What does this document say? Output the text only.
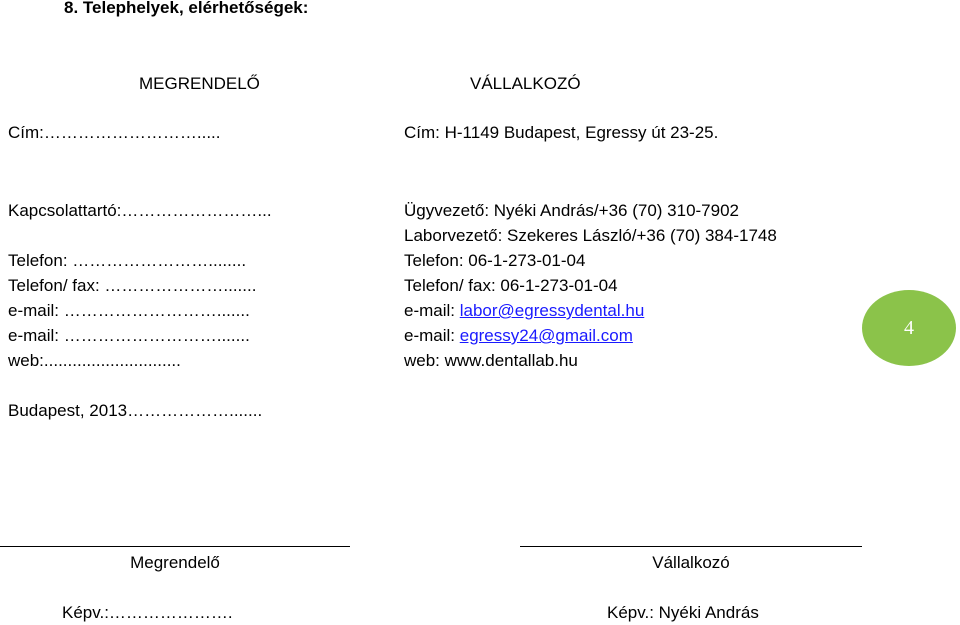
8. Telephelyek, elérhetőségek:
MEGRENDELŐ	VÁLLALKOZÓ
Cím:……………………….....	Cím: H-1149 Budapest, Egressy út 23-25.
Kapcsolattartó:……………………...	Ügyvezető: Nyéki András/+36 (70) 310-7902
Laborvezető: Szekeres László/+36 (70) 384-1748
Telefon: ……………………........	Telefon: 06-1-273-01-04
Telefon/ fax: ………………….......	Telefon/ fax: 06-1-273-01-04
e-mail: ……………………….......	e-mail: labor@egressydental.hu
e-mail: ……………………….......	e-mail: egressy24@gmail.com
web:.............................	web: www.dentallab.hu
4
Budapest, 2013……………….......
Megrendelő	Vállalkozó
Képv.:………………….	Képv.: Nyéki András
